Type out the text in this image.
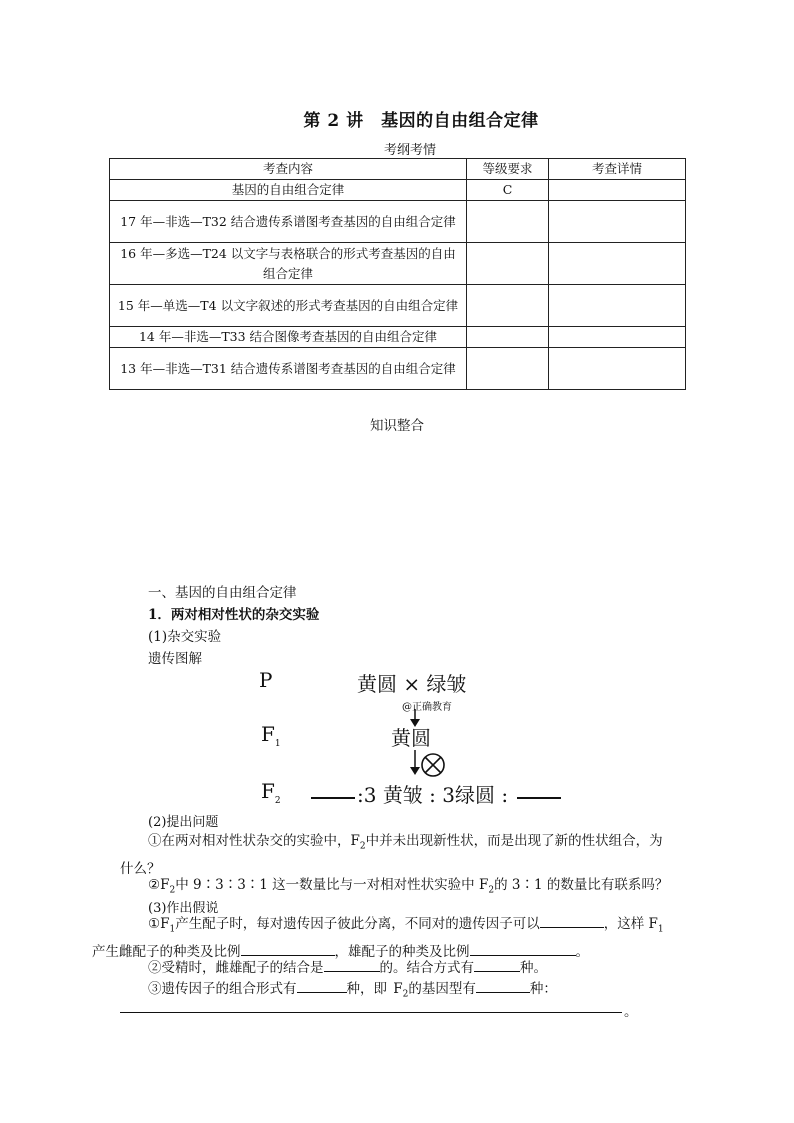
第 2 讲　基因的自由组合定律
考纲考情
考查内容	等级要求	考查详情
基因的自由组合定律	C	
17 年—非选—T32 结合遗传系谱图考查基因的自由组合定律		
16 年—多选—T24 以文字与表格联合的形式考查基因的自由组合定律		
15 年—单选—T4 以文字叙述的形式考查基因的自由组合定律		
14 年—非选—T33 结合图像考查基因的自由组合定律		
13 年—非选—T31 结合遗传系谱图考查基因的自由组合定律		
知识整合
一、基因的自由组合定律
1．两对相对性状的杂交实验
(1)杂交实验
遗传图解
P	黄圆 × 绿皱
@正确教育
$F_1$	黄圆
$F_2$	:3 黄皱 : 3绿圆 :
(2)提出问题
①在两对相对性状杂交的实验中，$F_2$中并未出现新性状，而是出现了新的性状组合，为什么？
$②F_2$中 9∶3∶3∶1 这一数量比与一对相对性状实验中 $F_2$的 3∶1 的数量比有联系吗？
(3)作出假说
$①F_1$产生配子时，每对遗传因子彼此分离，不同对的遗传因子可以	，这样 $F_1$
产生雌配子的种类及比例	，雄配子的种类及比例	。
②受精时，雌雄配子的结合是	的。结合方式有	种。
③遗传因子的组合形式有	种，即 $F_2$的基因型有	种：
。
